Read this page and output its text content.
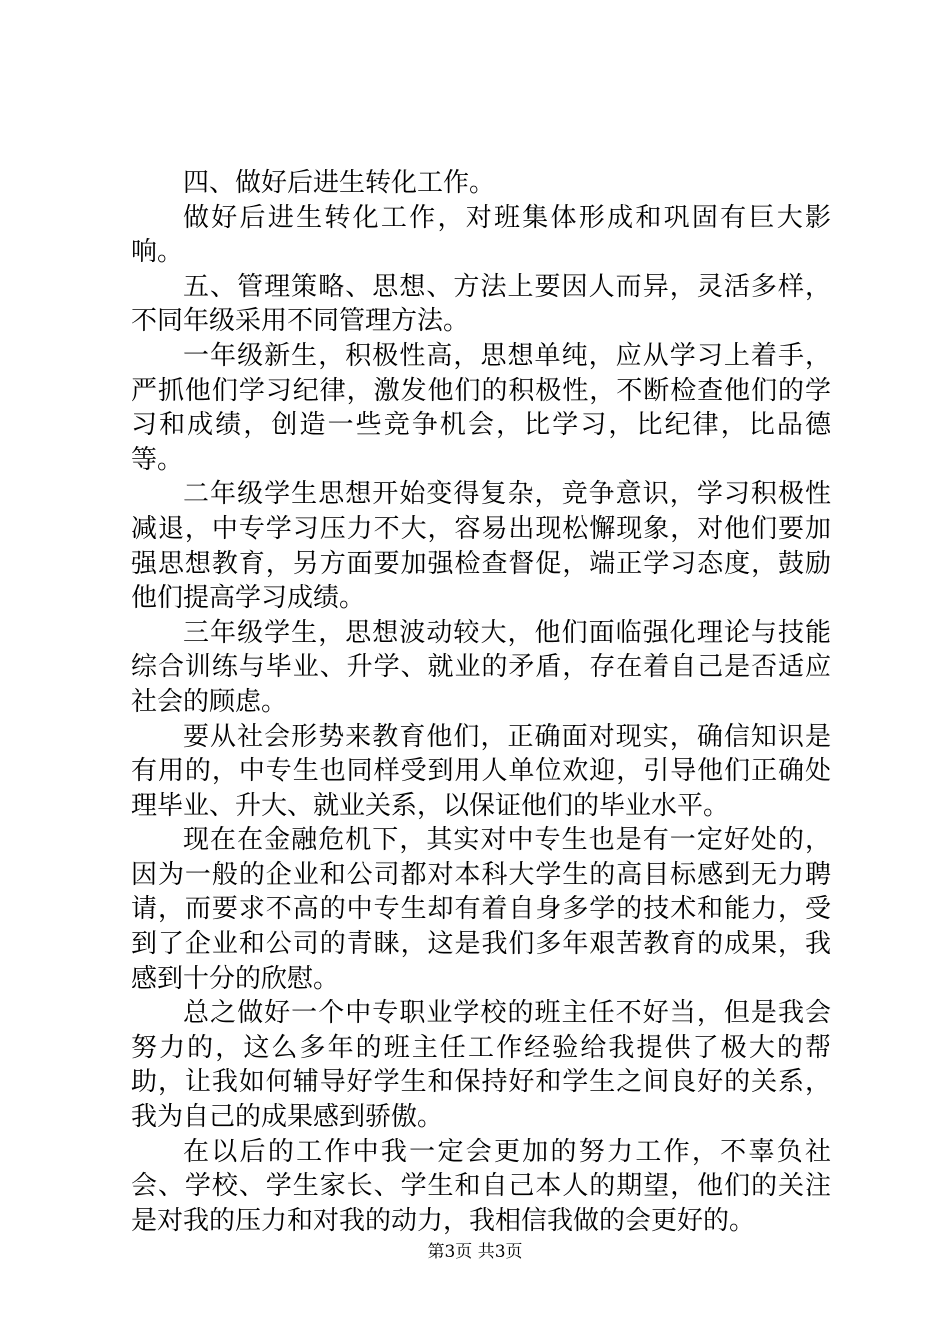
四、做好后进生转化工作。

做好后进生转化工作，对班集体形成和巩固有巨大影响。

五、管理策略、思想、方法上要因人而异，灵活多样，不同年级采用不同管理方法。

一年级新生，积极性高，思想单纯，应从学习上着手，严抓他们学习纪律，激发他们的积极性，不断检查他们的学习和成绩，创造一些竞争机会，比学习，比纪律，比品德等。

二年级学生思想开始变得复杂，竞争意识，学习积极性减退，中专学习压力不大，容易出现松懈现象，对他们要加强思想教育，另方面要加强检查督促，端正学习态度，鼓励他们提高学习成绩。

三年级学生，思想波动较大，他们面临强化理论与技能综合训练与毕业、升学、就业的矛盾，存在着自己是否适应社会的顾虑。

要从社会形势来教育他们，正确面对现实，确信知识是有用的，中专生也同样受到用人单位欢迎，引导他们正确处理毕业、升大、就业关系，以保证他们的毕业水平。

现在在金融危机下，其实对中专生也是有一定好处的，因为一般的企业和公司都对本科大学生的高目标感到无力聘请，而要求不高的中专生却有着自身多学的技术和能力，受到了企业和公司的青睐，这是我们多年艰苦教育的成果，我感到十分的欣慰。

总之做好一个中专职业学校的班主任不好当，但是我会努力的，这么多年的班主任工作经验给我提供了极大的帮助，让我如何辅导好学生和保持好和学生之间良好的关系，我为自己的成果感到骄傲。

在以后的工作中我一定会更加的努力工作，不辜负社会、学校、学生家长、学生和自己本人的期望，他们的关注是对我的压力和对我的动力，我相信我做的会更好的。

第3页 共3页
